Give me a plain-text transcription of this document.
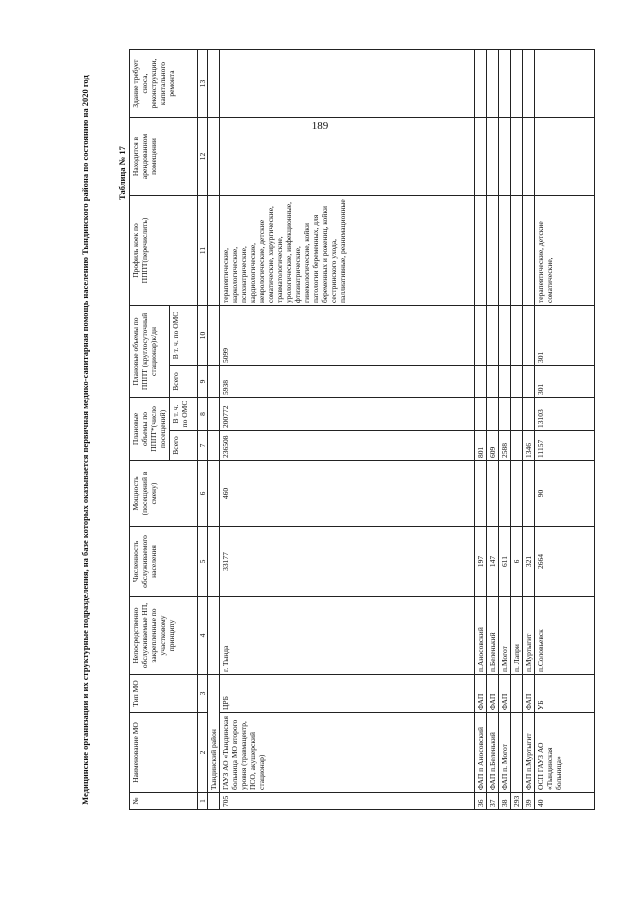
189
Медицинские организации и их структурные подразделения, на базе которых оказывается первичная медико-санитарная помощь населению Тындинского района по состоянию на 2020 год	Таблица № 17
№	Наименование МО	Тип МО	Непосредственно обслуживаемые НП, закрепленные по участковому принципу	Численность обслуживаемого населения	Мощность (посещений в смену)	Плановые объемы по ПППТ*(число посещений)		Плановые объемы по ПППТ (круглосуточный стационар)к/дн		Профиль коек по ПППТ(перечислить)	Находится в арендованном помещении	Здание требует сноса, реконструкции, капитального ремонта
						Всего	В т. ч. по ОМС	Всего	В т. ч. по ОМС			
1	2	3	4	5	6	7	8	9	10	11	12	13
	Тындинский район											
705	ГАУЗ АО «Тындинская больница МО второго уровня (травмацентр, ПСО, акушерский стационар)	ЦРБ	г. Тында	33177	460	236508	200772	5938	5099	терапевтические, наркологические, психиатрические, кардиологические, неврологические, детские соматические, хирургические, травматологические, урологические, инфекционные, фтизиатрические, гинекологические, койки патологии беременных, для беременных и рожениц, койки сестринского ухода, паллиативные, реанимационные		
36	ФАП п Аносовский	ФАП	п.Аносовский	197		801						
37	ФАП п.Беленький	ФАП	п.Беленький	147		609						
38	ФАП п. Могот	ФАП	п.Могот	611		2588						
293			п. Лапри	6								
39	ФАП п.Муртыгит	ФАП	п.Муртыгит	321		1346						
40	ОСП ГАУЗ АО «Тындинская больница»	УБ	п.Соловьевск	2664	90	11157	13103	301	301	терапевтические, детские соматические,		
